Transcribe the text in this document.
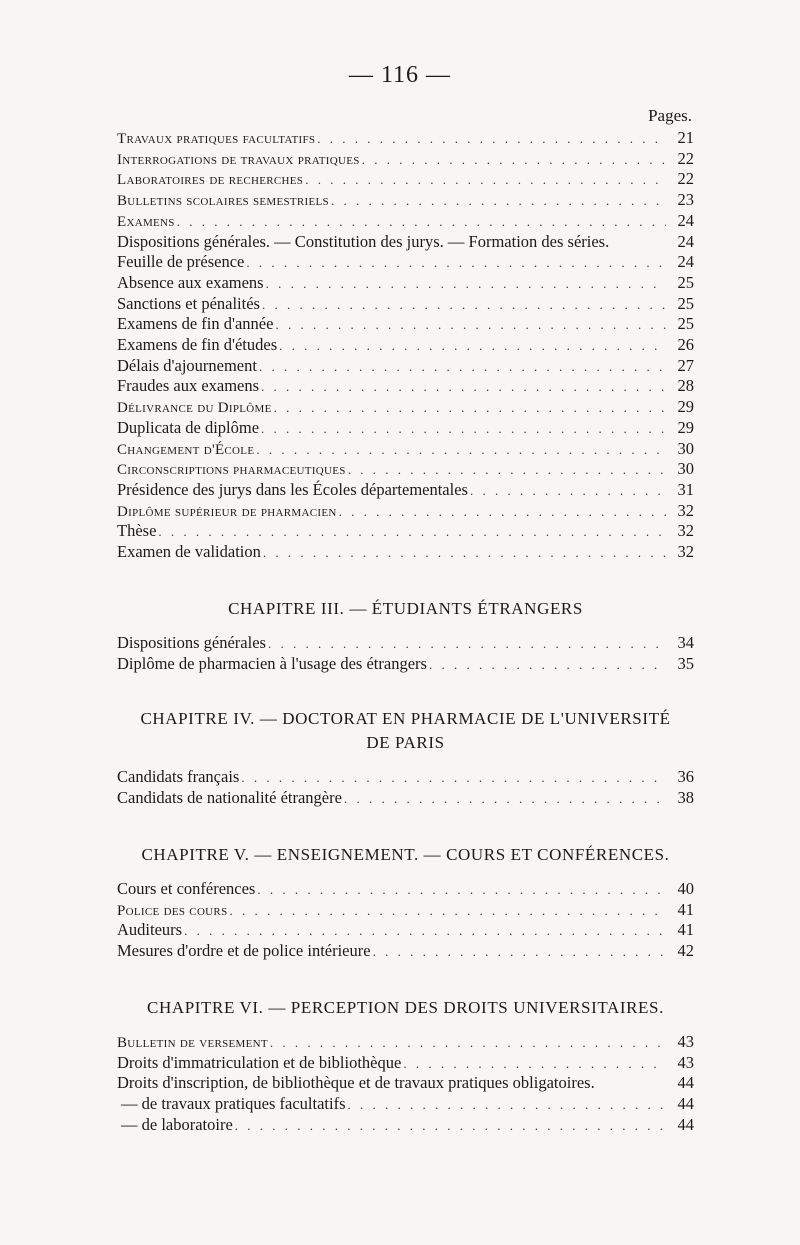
— 116 —
Pages.
Travaux pratiques facultatifs . . .	21
Interrogations de travaux pratiques . . .	22
Laboratoires de recherches . . .	22
Bulletins scolaires semestriels . . .	23
Examens . . .	24
Dispositions générales. — Constitution des jurys. — Formation des séries.	24
Feuille de présence . . .	24
Absence aux examens . . .	25
Sanctions et pénalités . . .	25
Examens de fin d'année . . .	25
Examens de fin d'études . . .	26
Délais d'ajournement . . .	27
Fraudes aux examens . . .	28
Délivrance du Diplôme . . .	29
Duplicata de diplôme . . .	29
Changement d'École . . .	30
Circonscriptions pharmaceutiques . . .	30
Présidence des jurys dans les Écoles départementales . . .	31
Diplôme supérieur de pharmacien . . .	32
Thèse . . .	32
Examen de validation . . .	32
CHAPITRE III. — ÉTUDIANTS ÉTRANGERS
Dispositions générales . . .	34
Diplôme de pharmacien à l'usage des étrangers . . .	35
CHAPITRE IV. — DOCTORAT EN PHARMACIE DE L'UNIVERSITÉ
DE PARIS
Candidats français . . .	36
Candidats de nationalité étrangère . . .	38
CHAPITRE V. — ENSEIGNEMENT. — COURS ET CONFÉRENCES.
Cours et conférences . . .	40
Police des cours . . .	41
Auditeurs . . .	41
Mesures d'ordre et de police intérieure . . .	42
CHAPITRE VI. — PERCEPTION DES DROITS UNIVERSITAIRES.
Bulletin de versement . . .	43
Droits d'immatriculation et de bibliothèque . . .	43
Droits d'inscription, de bibliothèque et de travaux pratiques obligatoires.	44
— de travaux pratiques facultatifs . . .	44
— de laboratoire . . .	44
